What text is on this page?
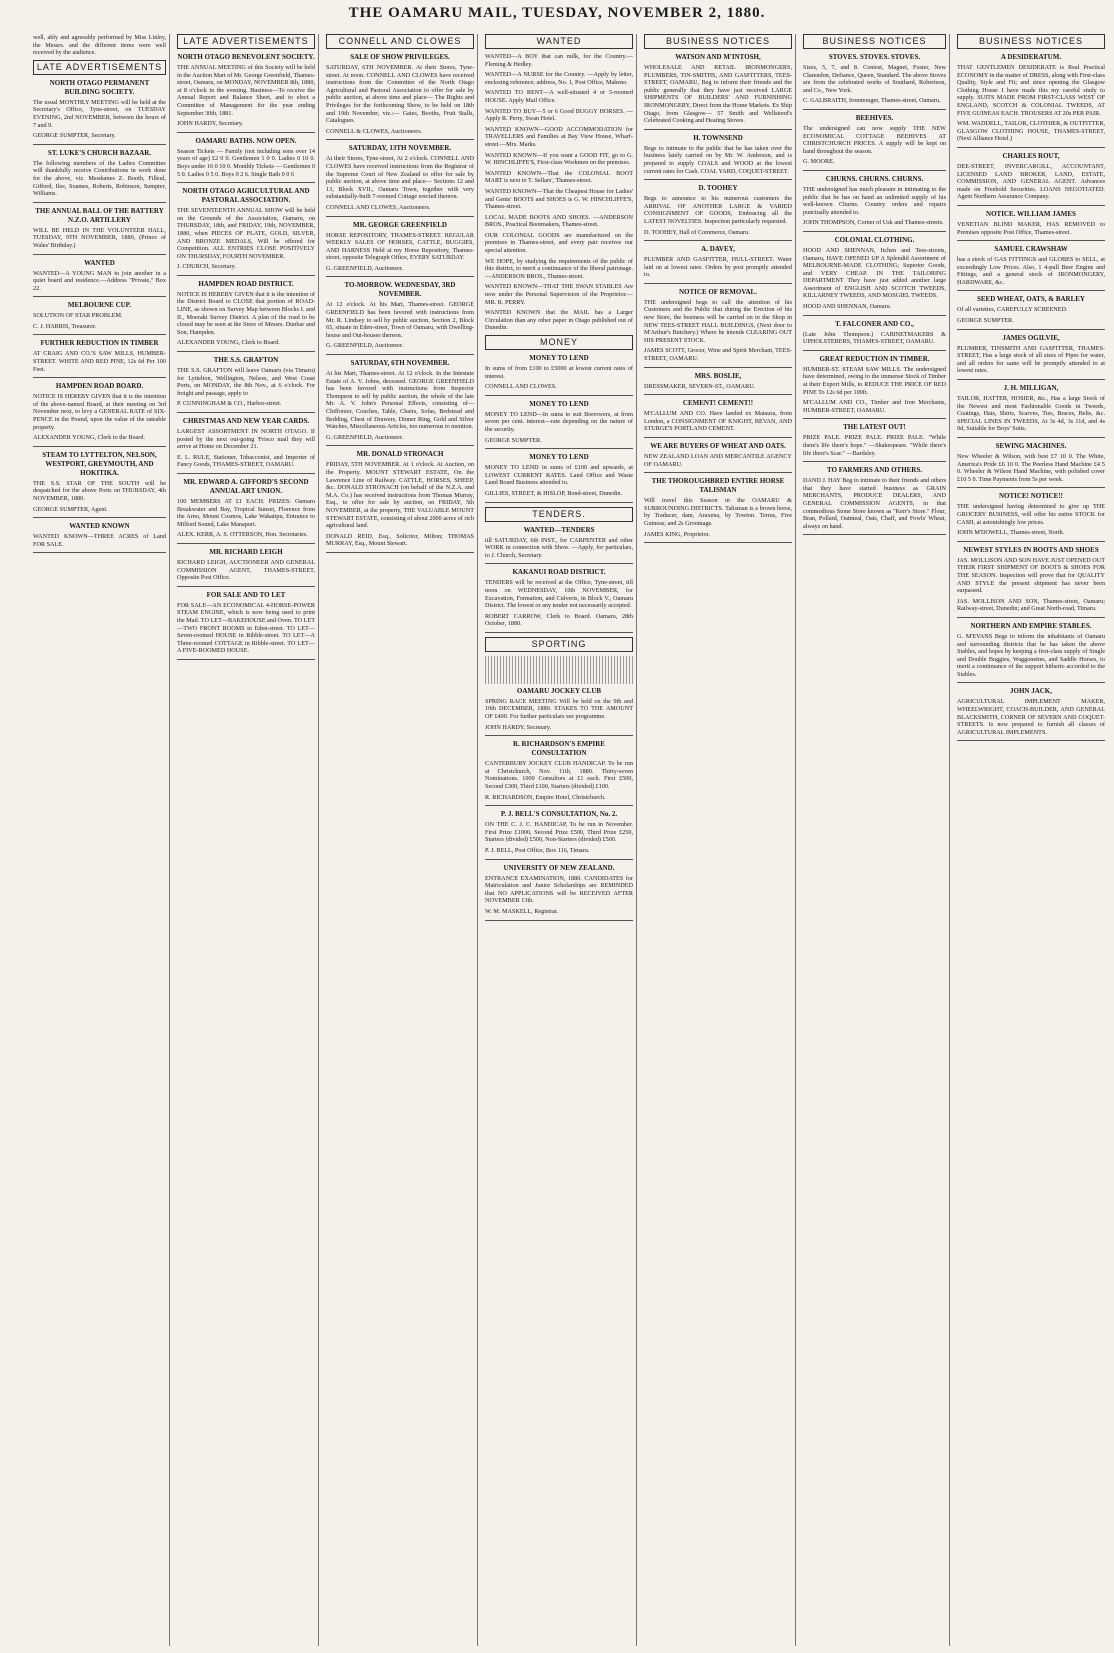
THE OAMARU MAIL, TUESDAY, NOVEMBER 2, 1880.

well, ably and agreeably performed by Miss Linley, the Messrs. and the different items were well received by the audience.

LATE ADVERTISEMENTS
NORTH OTAGO PERMANENT BUILDING SOCIETY.

The usual MONTHLY MEETING will be held at the Secretary's Office, Tyne-street, on TUESDAY EVENING, 2nd NOVEMBER, between the hours of 7 and 9.

GEORGE SUMPTER, Secretary.

ST. LUKE'S CHURCH BAZAAR.

The following members of the Ladies Committee will thankfully receive Contributions in work done for the above, viz. Mesdames Z. Booth, Filleul, Gifford, Ilee, Soames, Roberts, Robinson, Sumpter, Williams.

THE ANNUAL BALL OF THE BATTERY N.Z.O. ARTILLERY

WILL BE HELD IN THE VOLUNTEER HALL, TUESDAY, 9TH NOVEMBER, 1880, (Prince of Wales' Birthday.)

WANTED

WANTED—A YOUNG MAN to join another in a quiet board and residence.—Address "Private," Box 22.

MELBOURNE CUP.

SOLUTION OF STAR PROBLEM.

C. J. HARRIS, Treasurer.

FURTHER REDUCTION IN TIMBER

AT CRAIG AND CO.'S SAW MILLS, HUMBER-STREET. WHITE AND RED PINE, 12s 6d Per 100 Feet.

HAMPDEN ROAD BOARD.

NOTICE IS HEREBY GIVEN that it is the intention of the above-named Board, at their meeting on 3rd November next, to levy a GENERAL RATE of SIX-PENCE in the Pound, upon the value of the rateable property.

ALEXANDER YOUNG, Clerk to the Board.

STEAM TO LYTTELTON, NELSON, WESTPORT, GREYMOUTH, AND HOKITIKA.

THE S.S. STAR OF THE SOUTH will be despatched for the above Ports on THURSDAY, 4th NOVEMBER, 1880.

GEORGE SUMPTER, Agent.

WANTED KNOWN

WANTED KNOWN—THREE ACRES of Land FOR SALE.

LATE ADVERTISEMENTS
NORTH OTAGO BENEVOLENT SOCIETY.

THE ANNUAL MEETING of this Society will be held in the Auction Mart of Mr. George Greenfield, Thames-street, Oamaru, on MONDAY, NOVEMBER 8th, 1880, at 8 o'clock in the evening. Business—To receive the Annual Report and Balance Sheet, and to elect a Committee of Management for the year ending September 30th, 1881.

JOHN HARDY, Secretary.

OAMARU BATHS. NOW OPEN.

Season Tickets — Family (not including sons over 14 years of age) £2 0 0. Gentlemen 1 0 0. Ladies 0 10 0. Boys under 16 0 10 0. Monthly Tickets — Gentlemen 0 5 0. Ladies 0 5 0. Boys 0 2 6. Single Bath 0 0 6

NORTH OTAGO AGRICULTURAL AND PASTORAL ASSOCIATION.

THE SEVENTEENTH ANNUAL SHOW will be held on the Grounds of the Association, Oamaru, on THURSDAY, 18th, and FRIDAY, 19th, NOVEMBER, 1880, when PIECES OF PLATE, GOLD, SILVER, AND BRONZE MEDALS, Will be offered for Competition. ALL ENTRIES CLOSE POSITIVELY ON THURSDAY, FOURTH NOVEMBER.

J. CHURCH, Secretary.

HAMPDEN ROAD DISTRICT.

NOTICE IS HEREBY GIVEN that it is the intention of the District Board to CLOSE that portion of ROAD-LINE, as shown on Survey Map between Blocks I. and II., Moeraki Survey District. A plan of the road to be closed may be seen at the Store of Messrs. Dunbar and Son, Hampden.

ALEXANDER YOUNG, Clerk to Board.

THE S.S. GRAFTON

THE S.S. GRAFTON will leave Oamaru (via Timaru) for Lyttelton, Wellington, Nelson, and West Coast Ports, on MONDAY, the 8th Nov., at 6 o'clock. For freight and passage, apply to

P. CUNNINGHAM & CO., Harbor-street.

CHRISTMAS AND NEW YEAR CARDS.

LARGEST ASSORTMENT IN NORTH OTAGO. If posted by the next out-going 'Frisco mail they will arrive at Home on December 21.

E. L. RULE, Stationer, Tobacconist, and Importer of Fancy Goods, THAMES-STREET, OAMARU.

MR. EDWARD A. GIFFORD'S SECOND ANNUAL ART UNION.

100 MEMBERS AT £1 EACH. PRIZES: Oamaru Breakwater and Bay, Tropical Sunset, Florence from the Arno, Mount Cosmos, Lake Wakatipu, Entrance to Milford Sound, Lake Manapori.

ALEX. KERR, A. S. OTTERSON, Hon. Secretaries.

MR. RICHARD LEIGH

RICHARD LEIGH, AUCTIONEER AND GENERAL COMMISSION AGENT, THAMES-STREET, Opposite Post Office.

FOR SALE AND TO LET

FOR SALE—AN ECONOMICAL 4-HORSE-POWER STEAM ENGINE, which is now being used to print the Mail. TO LET—BAKEHOUSE and Oven. TO LET—TWO FRONT ROOMS in Eden-street. TO LET—Seven-roomed HOUSE in Ribble-street. TO LET—A Three-roomed COTTAGE in Ribble-street. TO LET—A FIVE-ROOMED HOUSE.

CONNELL AND CLOWES
SALE OF SHOW PRIVILEGES.

SATURDAY, 6TH NOVEMBER. At their Stores, Tyne-street. At noon. CONNELL AND CLOWES have received instructions from the Committee of the North Otago Agricultural and Pastoral Association to offer for sale by public auction, at above time and place— The Rights and Privileges for the forthcoming Show, to be held on 18th and 19th November, viz.:— Gates, Booths, Fruit Stalls, Catalogues.

CONNELL & CLOWES, Auctioneers.

SATURDAY, 13TH NOVEMBER.

At their Stores, Tyne-street, At 2 o'clock. CONNELL AND CLOWES have received instructions from the Registrar of the Supreme Court of New Zealand to offer for sale by public auction, at above time and place— Sections 12 and 13, Block XVII., Oamaru Town, together with very substantially-built 7-roomed Cottage erected thereon.

CONNELL AND CLOWES, Auctioneers.

MR. GEORGE GREENFIELD

HORSE REPOSITORY, THAMES-STREET. REGULAR WEEKLY SALES OF HORSES, CATTLE, BUGGIES, AND HARNESS Held at my Horse Repository, Thames-street, opposite Telegraph Office, EVERY SATURDAY.

G. GREENFIELD, Auctioneer.

TO-MORROW. WEDNESDAY, 3RD NOVEMBER.

At 12 o'clock. At his Mart, Thames-street. GEORGE GREENFIELD has been favored with instructions from Mr. R. Lindsey to sell by public auction, Section 2, Block 65, situate in Eden-street, Town of Oamaru, with Dwelling-house and Out-houses thereon.

G. GREENFIELD, Auctioneer.

SATURDAY, 6TH NOVEMBER.

At his Mart, Thames-street. At 12 o'clock. In the Intestate Estate of A. V. Johns, deceased. GEORGE GREENFIELD has been favored with instructions from Inspector Thompson to sell by public auction, the whole of the late Mr. A. V. John's Personal Effects, consisting of—Chiffonier, Couches, Table, Chairs, Sofas, Bedstead and Bedding, Chest of Drawers, Dinner Ring, Gold and Silver Watches, Miscellaneous Articles, too numerous to mention.

G. GREENFIELD, Auctioneer.

MR. DONALD STRONACH

FRIDAY, 5TH NOVEMBER. At 1 o'clock. At Auction, on the Property. MOUNT STEWART ESTATE, On the Lawrence Line of Railway. CATTLE, HORSES, SHEEP, &c. DONALD STRONACH (on behalf of the N.Z.A. and M.A. Co.) has received instructions from Thomas Murray, Esq., to offer for sale by auction, on FRIDAY, 5th NOVEMBER, at the property, THE VALUABLE MOUNT STEWART ESTATE, consisting of about 2000 acres of rich agricultural land.

DONALD REID, Esq., Solicitor, Milton; THOMAS MURRAY, Esq., Mount Stewart.

WANTED

WANTED—A BOY that can milk, for the Country.— Fleming & Hedley.

WANTED—A NURSE for the Country. —Apply by letter, enclosing reference; address, No. 1, Post Office, Maheno.

WANTED TO RENT—A well-situated 4 or 5-roomed HOUSE. Apply Mail Office.

WANTED TO BUY—5 or 6 Good BUGGY HORSES. — Apply R. Perry, Swan Hotel.

WANTED KNOWN—GOOD ACCOMMODATION for TRAVELLERS and Families at Bay View House, Wharf-street.—Mrs. Marks.

WANTED KNOWN—If you want a GOOD FIT, go to G. W. HINCHLIFFE'S, First-class Workmen on the premises.

WANTED KNOWN—That the COLONIAL BOOT MART is next to T. Sellars', Thames-street.

WANTED KNOWN—That the Cheapest House for Ladies' and Gents' BOOTS and SHOES is G. W. HINCHLIFFE'S, Thames-street.

LOCAL MADE BOOTS AND SHOES. —ANDERSON BROS., Practical Bootmakers, Thames-street.

OUR COLONIAL GOODS are manufactured on the premises in Thames-street, and every pair receives our special attention.

WE HOPE, by studying the requirements of the public of this district, to merit a continuance of the liberal patronage.—ANDERSON BROS., Thames-street.

WANTED KNOWN—THAT THE SWAN STABLES Are now under the Personal Supervision of the Proprietor.—MR. R. PERRY.

WANTED KNOWN that the MAIL has a Larger Circulation than any other paper in Otago published out of Dunedin.

MONEY
MONEY TO LEND

In sums of from £100 to £5000 at lowest current rates of interest.

CONNELL AND CLOWES.

MONEY TO LEND

MONEY TO LEND—In sums to suit Borrowers, at from seven per cent. interest—rate depending on the nature of the security.

GEORGE SUMPTER.

MONEY TO LEND

MONEY TO LEND in sums of £100 and upwards, at LOWEST CURRENT RATES. Land Office and Waste Land Board Business attended to.

GILLIES, STREET, & HISLOP, Bond-street, Dunedin.

TENDERS.
WANTED—TENDERS

till SATURDAY, 6th INST., for CARPENTER and other WORK in connection with Show. —Apply, for particulars, to J. Church, Secretary.

KAKANUI ROAD DISTRICT.

TENDERS will be received at the Office, Tyne-street, till noon on WEDNESDAY, 10th NOVEMBER, for Excavation, Formation, and Culverts, in Block V., Oamaru District. The lowest or any tender not necessarily accepted.

ROBERT CARROW, Clerk to Board. Oamaru, 28th October, 1880.

SPORTING
OAMARU JOCKEY CLUB

SPRING RACE MEETING Will be held on the 9th and 10th DECEMBER, 1880. STAKES TO THE AMOUNT OF £400. For further particulars see programme.

JOHN HARDY, Secretary.

R. RICHARDSON'S EMPIRE CONSULTATION

CANTERBURY JOCKEY CLUB HANDICAP. To be run at Christchurch, Nov. 11th, 1880. Thirty-seven Nominations. 1000 Consultors at £1 each. First £500, Second £300, Third £100, Starters (divided) £100.

R. RICHARDSON, Empire Hotel, Christchurch.

P. J. BELL'S CONSULTATION, No. 2.

ON THE C. J. C. HANDICAP, To be run in November. First Prize £1000, Second Prize £500, Third Prize £250, Starters (divided) £500, Non-Starters (divided) £500.

P. J. BELL, Post Office, Box 116, Timaru.

UNIVERSITY OF NEW ZEALAND.

ENTRANCE EXAMINATION, 1880. CANDIDATES for Matriculation and Junior Scholarships are REMINDED that NO APPLICATIONS will be RECEIVED AFTER NOVEMBER 13th.

W. M. MASKELL, Registrar.

BUSINESS NOTICES
WATSON AND M'INTOSH,

WHOLESALE AND RETAIL IRONMONGERS, PLUMBERS, TIN-SMITHS, AND GASFITTERS, TEES-STREET, OAMARU, Beg to inform their friends and the public generally that they have just received LARGE SHIPMENTS OF BUILDERS' AND FURNISHING IRONMONGERY, Direct from the Home Markets. Ex Ship Otago, from Glasgow— 57 Smith and Wellstood's Celebrated Cooking and Heating Stoves.

H. TOWNSEND

Begs to intimate to the public that he has taken over the business lately carried on by Mr. W. Anderson, and is prepared to supply COALS and WOOD at the lowest current rates for Cash. COAL YARD, COQUET-STREET.

D. TOOHEY

Begs to announce to his numerous customers the ARRIVAL OF ANOTHER LARGE & VARIED CONSIGNMENT OF GOODS, Embracing all the LATEST NOVELTIES. Inspection particularly requested.

D. TOOHEY, Hall of Commerce, Oamaru.

A. DAVEY,

PLUMBER AND GASFITTER, HULL-STREET. Water laid on at lowest rates. Orders by post promptly attended to.

NOTICE OF REMOVAL.

THE undersigned begs to call the attention of his Customers and the Public that during the Erection of his new Store, the business will be carried on in the Shop in NEW TEES-STREET HALL BUILDINGS, (Next door to M'Arthur's Butchery.) Where he intends CLEARING OUT HIS PRESENT STOCK.

JAMES SCOTT, Grocer, Wine and Spirit Merchant, TEES-STREET, OAMARU.

MRS. BOSLIE,

DRESSMAKER, SEVERN-ST., OAMARU.

CEMENT! CEMENT!!

M'CALLUM AND CO. Have landed ex Mataura, from London, a CONSIGNMENT OF KNIGHT, BEVAN, AND STURGE'S PORTLAND CEMENT.

WE ARE BUYERS OF WHEAT AND OATS.

NEW ZEALAND LOAN AND MERCANTILE AGENCY OF OAMARU.

THE THOROUGHBRED ENTIRE HORSE TALISMAN

Will travel this Season in the OAMARU & SURROUNDING DISTRICTS. Talisman is a brown horse, by Traducer, dam, Araxena, by Towton. Terms, Five Guineas; and 2s Groomage.

JAMES KING, Proprietor.

BUSINESS NOTICES
STOVES. STOVES. STOVES.

Sizes, 5, 7, and 8. Contest, Magnet, Foster, New Clarendon, Defiance, Queen, Standard. The above Stoves are from the celebrated works of Southard, Robertson, and Co., New York.

C. GALBRAITH, Ironmonger, Thames-street, Oamaru.

BEEHIVES.

The undersigned can now supply THE NEW ECONOMICAL COTTAGE BEEHIVES AT CHRISTCHURCH PRICES. A supply will be kept on hand throughout the season.

G. MOORE.

CHURNS. CHURNS. CHURNS.

THE undersigned has much pleasure in intimating to the public that he has on hand an unlimited supply of his well-known Churns. Country orders and repairs punctually attended to.

JOHN THOMPSON, Corner of Usk and Thames-streets.

COLONIAL CLOTHING.

HOOD AND SHENNAN, Itchen and Tees-streets, Oamaru, HAVE OPENED UP A Splendid Assortment of MELBOURNE-MADE CLOTHING; Superior Goods, and VERY CHEAP. IN THE TAILORING DEPARTMENT They have just added another large Assortment of ENGLISH AND SCOTCH TWEEDS, KILLARNEY TWEEDS, AND MOSGIEL TWEEDS.

HOOD AND SHENNAN, Oamaru.

T. FALCONER AND CO.,

(Late John Thompson.) CABINETMAKERS & UPHOLSTERERS, THAMES-STREET, OAMARU.

GREAT REDUCTION IN TIMBER.

HUMBER-ST. STEAM SAW MILLS. The undersigned have determined, owing to the immense Stock of Timber at their Export Mills, to REDUCE THE PRICE OF RED PINE To 12s 6d per 100ft.

M'CALLUM AND CO., Timber and Iron Merchants, HUMBER-STREET, OAMARU.

THE LATEST OUT!

PRIZE PALE. PRIZE PALE. PRIZE PALE. "While there's life there's hope." —Shakespeare. "While there's life there's Scar." —Bardsley.

TO FARMERS AND OTHERS.

DAND J. HAY Beg to intimate to their friends and others that they have started business as GRAIN MERCHANTS, PRODUCE DEALERS, AND GENERAL COMMISSION AGENTS, in that commodious Stone Store known as "Kerr's Store." Flour, Bran, Pollard, Oatmeal, Oats, Chaff, and Fowls' Wheat, always on hand.

BUSINESS NOTICES
A DESIDERATUM.

THAT GENTLEMEN DESIDERATE is Real Practical ECONOMY in the matter of DRESS, along with First-class Quality, Style and Fit; and since opening the Glasgow Clothing House I have made this my careful study to supply. SUITS MADE FROM FIRST-CLASS WEST OF ENGLAND, SCOTCH & COLONIAL TWEEDS, AT FIVE GUINEAS EACH. TROUSERS AT 20s PER PAIR.

WM. WADDELL, TAILOR, CLOTHIER, & OUTFITTER, GLASGOW CLOTHING HOUSE, THAMES-STREET, (Next Alliance Hotel.)

CHARLES ROUT,

DEE-STREET, INVERCARGILL, ACCOUNTANT, LICENSED LAND BROKER, LAND, ESTATE, COMMISSION, AND GENERAL AGENT. Advances made on Freehold Securities. LOANS NEGOTIATED. Agent Northern Assurance Company.

NOTICE. WILLIAM JAMES

VENETIAN BLIND MAKER, HAS REMOVED to Premises opposite Post Office, Thames-street.

SAMUEL CRAWSHAW

has a stock of GAS FITTINGS and GLOBES to SELL, at exceedingly Low Prices. Also, 1 4-pull Beer Engine and Fittings, and a general stock of IRONMONGERY, HARDWARE, &c.

SEED WHEAT, OATS, & BARLEY

Of all varieties, CAREFULLY SCREENED.

GEORGE SUMPTER.

JAMES OGILVIE,

PLUMBER, TINSMITH AND GASFITTER, THAMES-STREET, Has a large stock of all sizes of Pipes for water, and all orders for same will be promptly attended to at lowest rates.

J. H. MILLIGAN,

TAILOR, HATTER, HOSIER, &c., Has a large Stock of the Newest and most Fashionable Goods in Tweeds, Coatings, Hats, Shirts, Scarves, Ties, Braces, Belts, &c. SPECIAL LINES IN TWEEDS, At 3s 4d, 3s 11d, and 4s 9d, Suitable for Boys' Suits.

SEWING MACHINES.

New Wheeler & Wilson, with best £7 10 0. The White, America's Pride £6 10 0. The Peerless Hand Machine £4 5 0. Wheeler & Wilson Hand Machine, with polished cover £10 5 0. Time Payments from 5s per week.

NOTICE! NOTICE!!

THE undersigned having determined to give up THE GROCERY BUSINESS, will offer his entire STOCK for CASH, at astonishingly low prices.

JOHN M'DOWELL, Thames-street, North.

NEWEST STYLES IN BOOTS AND SHOES

JAS. MOLLISON AND SON HAVE JUST OPENED OUT THEIR FIRST SHIPMENT OF BOOTS & SHOES FOR THE SEASON. Inspection will prove that for QUALITY AND STYLE the present shipment has never been surpassed.

JAS. MOLLISON AND SON, Thames-street, Oamaru; Railway-street, Dunedin; and Great North-road, Timaru.

NORTHERN AND EMPIRE STABLES.

G. M'EVANS Begs to inform the inhabitants of Oamaru and surrounding districts that he has taken the above Stables, and hopes by keeping a first-class supply of Single and Double Buggies, Waggonettes, and Saddle Horses, to merit a continuance of the support hitherto accorded to the Stables.

JOHN JACK,

AGRICULTURAL IMPLEMENT MAKER, WHEELWRIGHT, COACH-BUILDER, AND GENERAL BLACKSMITH, CORNER OF SEVERN AND COQUET-STREETS. Is now prepared to furnish all classes of AGRICULTURAL IMPLEMENTS.
